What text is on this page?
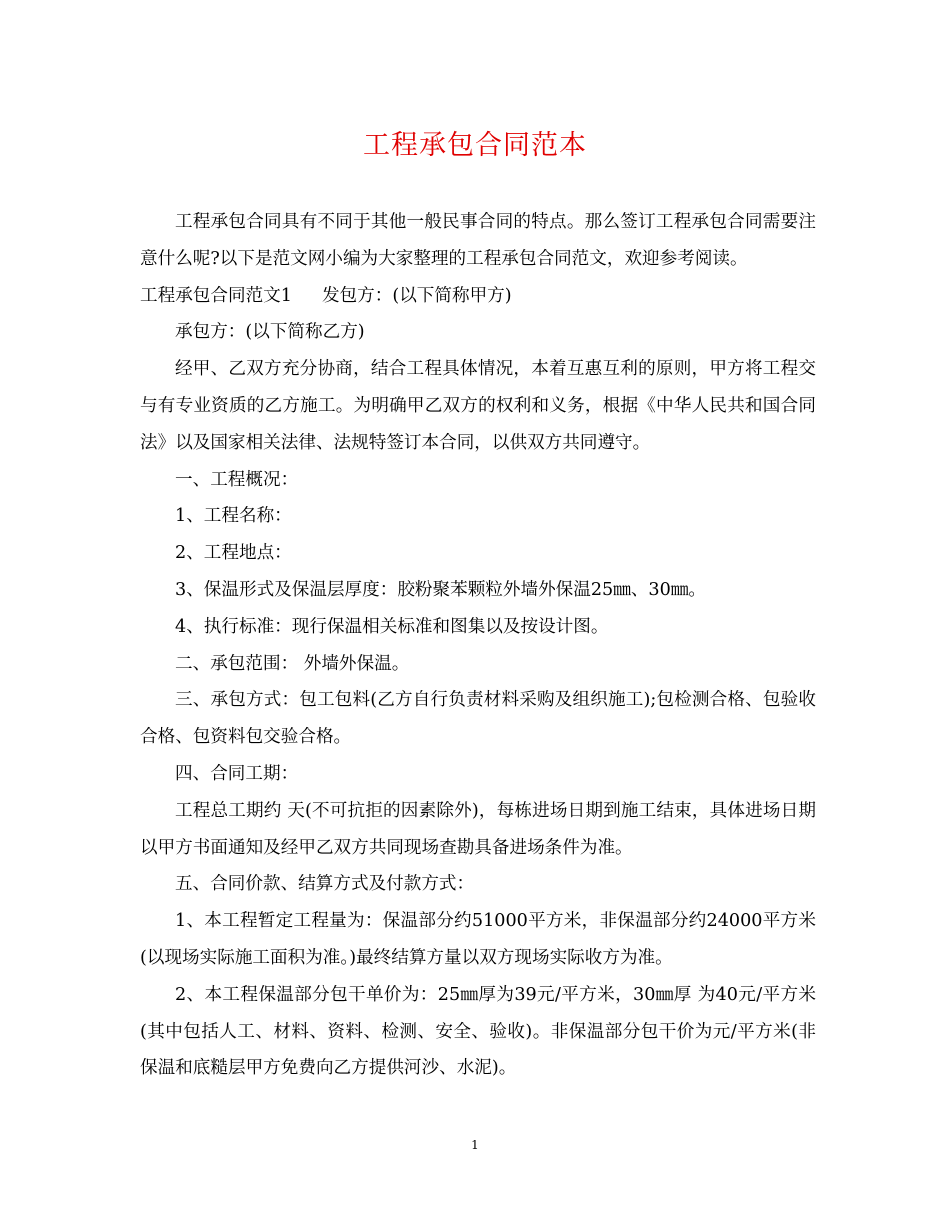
工程承包合同范本

工程承包合同具有不同于其他一般民事合同的特点。那么签订工程承包合同需要注意什么呢?以下是范文网小编为大家整理的工程承包合同范文，欢迎参考阅读。

工程承包合同范文1 发包方：(以下简称甲方)

承包方：(以下简称乙方)

经甲、乙双方充分协商，结合工程具体情况，本着互惠互利的原则，甲方将工程交与有专业资质的乙方施工。为明确甲乙双方的权利和义务，根据《中华人民共和国合同法》以及国家相关法律、法规特签订本合同，以供双方共同遵守。

一、工程概况：

1、工程名称：

2、工程地点：

3、保温形式及保温层厚度：胶粉聚苯颗粒外墙外保温25㎜、30㎜。

4、执行标准：现行保温相关标准和图集以及按设计图。

二、承包范围： 外墙外保温。

三、承包方式：包工包料(乙方自行负责材料采购及组织施工);包检测合格、包验收合格、包资料包交验合格。

四、合同工期：

工程总工期约 天(不可抗拒的因素除外)，每栋进场日期到施工结束，具体进场日期以甲方书面通知及经甲乙双方共同现场查勘具备进场条件为准。

五、合同价款、结算方式及付款方式：

1、本工程暂定工程量为：保温部分约51000平方米，非保温部分约24000平方米(以现场实际施工面积为准。)最终结算方量以双方现场实际收方为准。

2、本工程保温部分包干单价为：25㎜厚为39元/平方米，30㎜厚 为40元/平方米(其中包括人工、材料、资料、检测、安全、验收)。非保温部分包干价为元/平方米(非保温和底糙层甲方免费向乙方提供河沙、水泥)。

1
